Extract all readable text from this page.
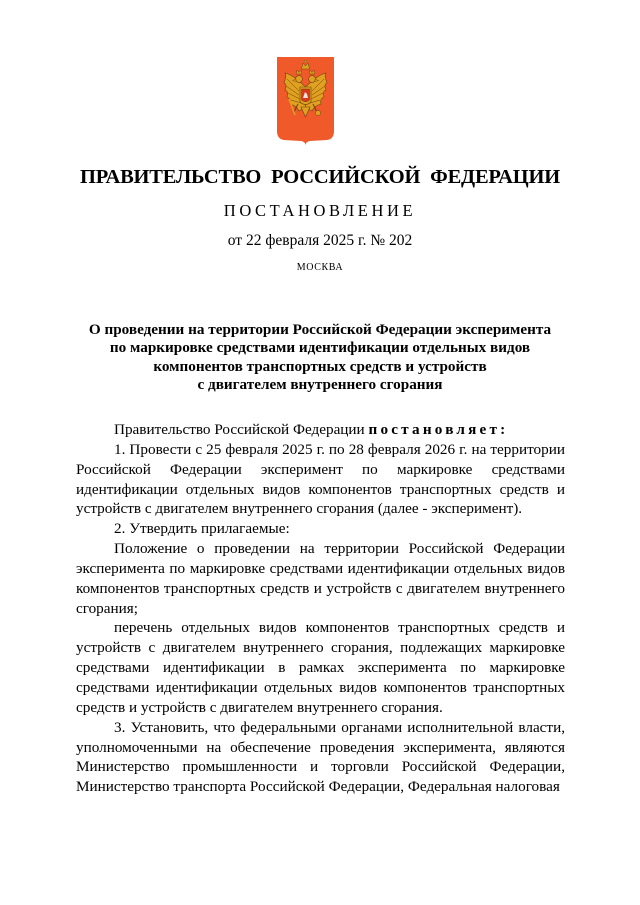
ПРАВИТЕЛЬСТВО РОССИЙСКОЙ ФЕДЕРАЦИИ
ПОСТАНОВЛЕНИЕ
от 22 февраля 2025 г. № 202
МОСКВА
О проведении на территории Российской Федерации эксперимента
по маркировке средствами идентификации отдельных видов
компонентов транспортных средств и устройств
с двигателем внутреннего сгорания

Правительство Российской Федерации постановляет:

1. Провести с 25 февраля 2025 г. по 28 февраля 2026 г. на территории Российской Федерации эксперимент по маркировке средствами идентификации отдельных видов компонентов транспортных средств и устройств с двигателем внутреннего сгорания (далее - эксперимент).

2. Утвердить прилагаемые:

Положение о проведении на территории Российской Федерации эксперимента по маркировке средствами идентификации отдельных видов компонентов транспортных средств и устройств с двигателем внутреннего сгорания;

перечень отдельных видов компонентов транспортных средств и устройств с двигателем внутреннего сгорания, подлежащих маркировке средствами идентификации в рамках эксперимента по маркировке средствами идентификации отдельных видов компонентов транспортных средств и устройств с двигателем внутреннего сгорания.

3. Установить, что федеральными органами исполнительной власти, уполномоченными на обеспечение проведения эксперимента, являются Министерство промышленности и торговли Российской Федерации, Министерство транспорта Российской Федерации, Федеральная налоговая
